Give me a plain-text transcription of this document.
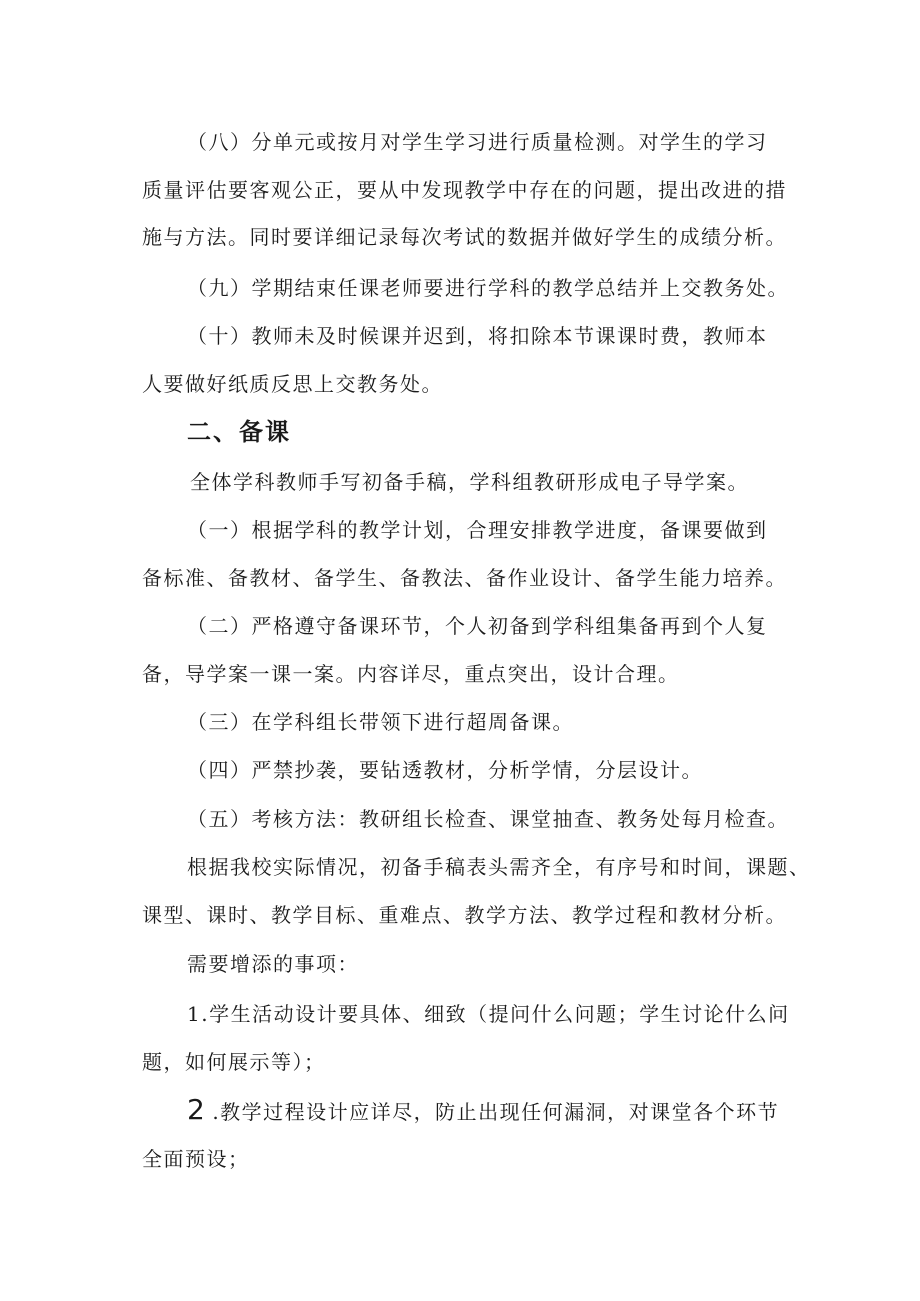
（八）分单元或按月对学生学习进行质量检测。对学生的学习
质量评估要客观公正，要从中发现教学中存在的问题，提出改进的措
施与方法。同时要详细记录每次考试的数据并做好学生的成绩分析。
（九）学期结束任课老师要进行学科的教学总结并上交教务处。
（十）教师未及时候课并迟到，将扣除本节课课时费，教师本
人要做好纸质反思上交教务处。
二、备课
全体学科教师手写初备手稿，学科组教研形成电子导学案。
（一）根据学科的教学计划，合理安排教学进度，备课要做到
备标准、备教材、备学生、备教法、备作业设计、备学生能力培养。
（二）严格遵守备课环节，个人初备到学科组集备再到个人复
备，导学案一课一案。内容详尽，重点突出，设计合理。
（三）在学科组长带领下进行超周备课。
（四）严禁抄袭，要钻透教材，分析学情，分层设计。
（五）考核方法：教研组长检查、课堂抽查、教务处每月检查。
根据我校实际情况，初备手稿表头需齐全，有序号和时间，课题、
课型、课时、教学目标、重难点、教学方法、教学过程和教材分析。
需要增添的事项：
1.学生活动设计要具体、细致（提问什么问题；学生讨论什么问
题，如何展示等）；
2 .教学过程设计应详尽，防止出现任何漏洞，对课堂各个环节
全面预设；
